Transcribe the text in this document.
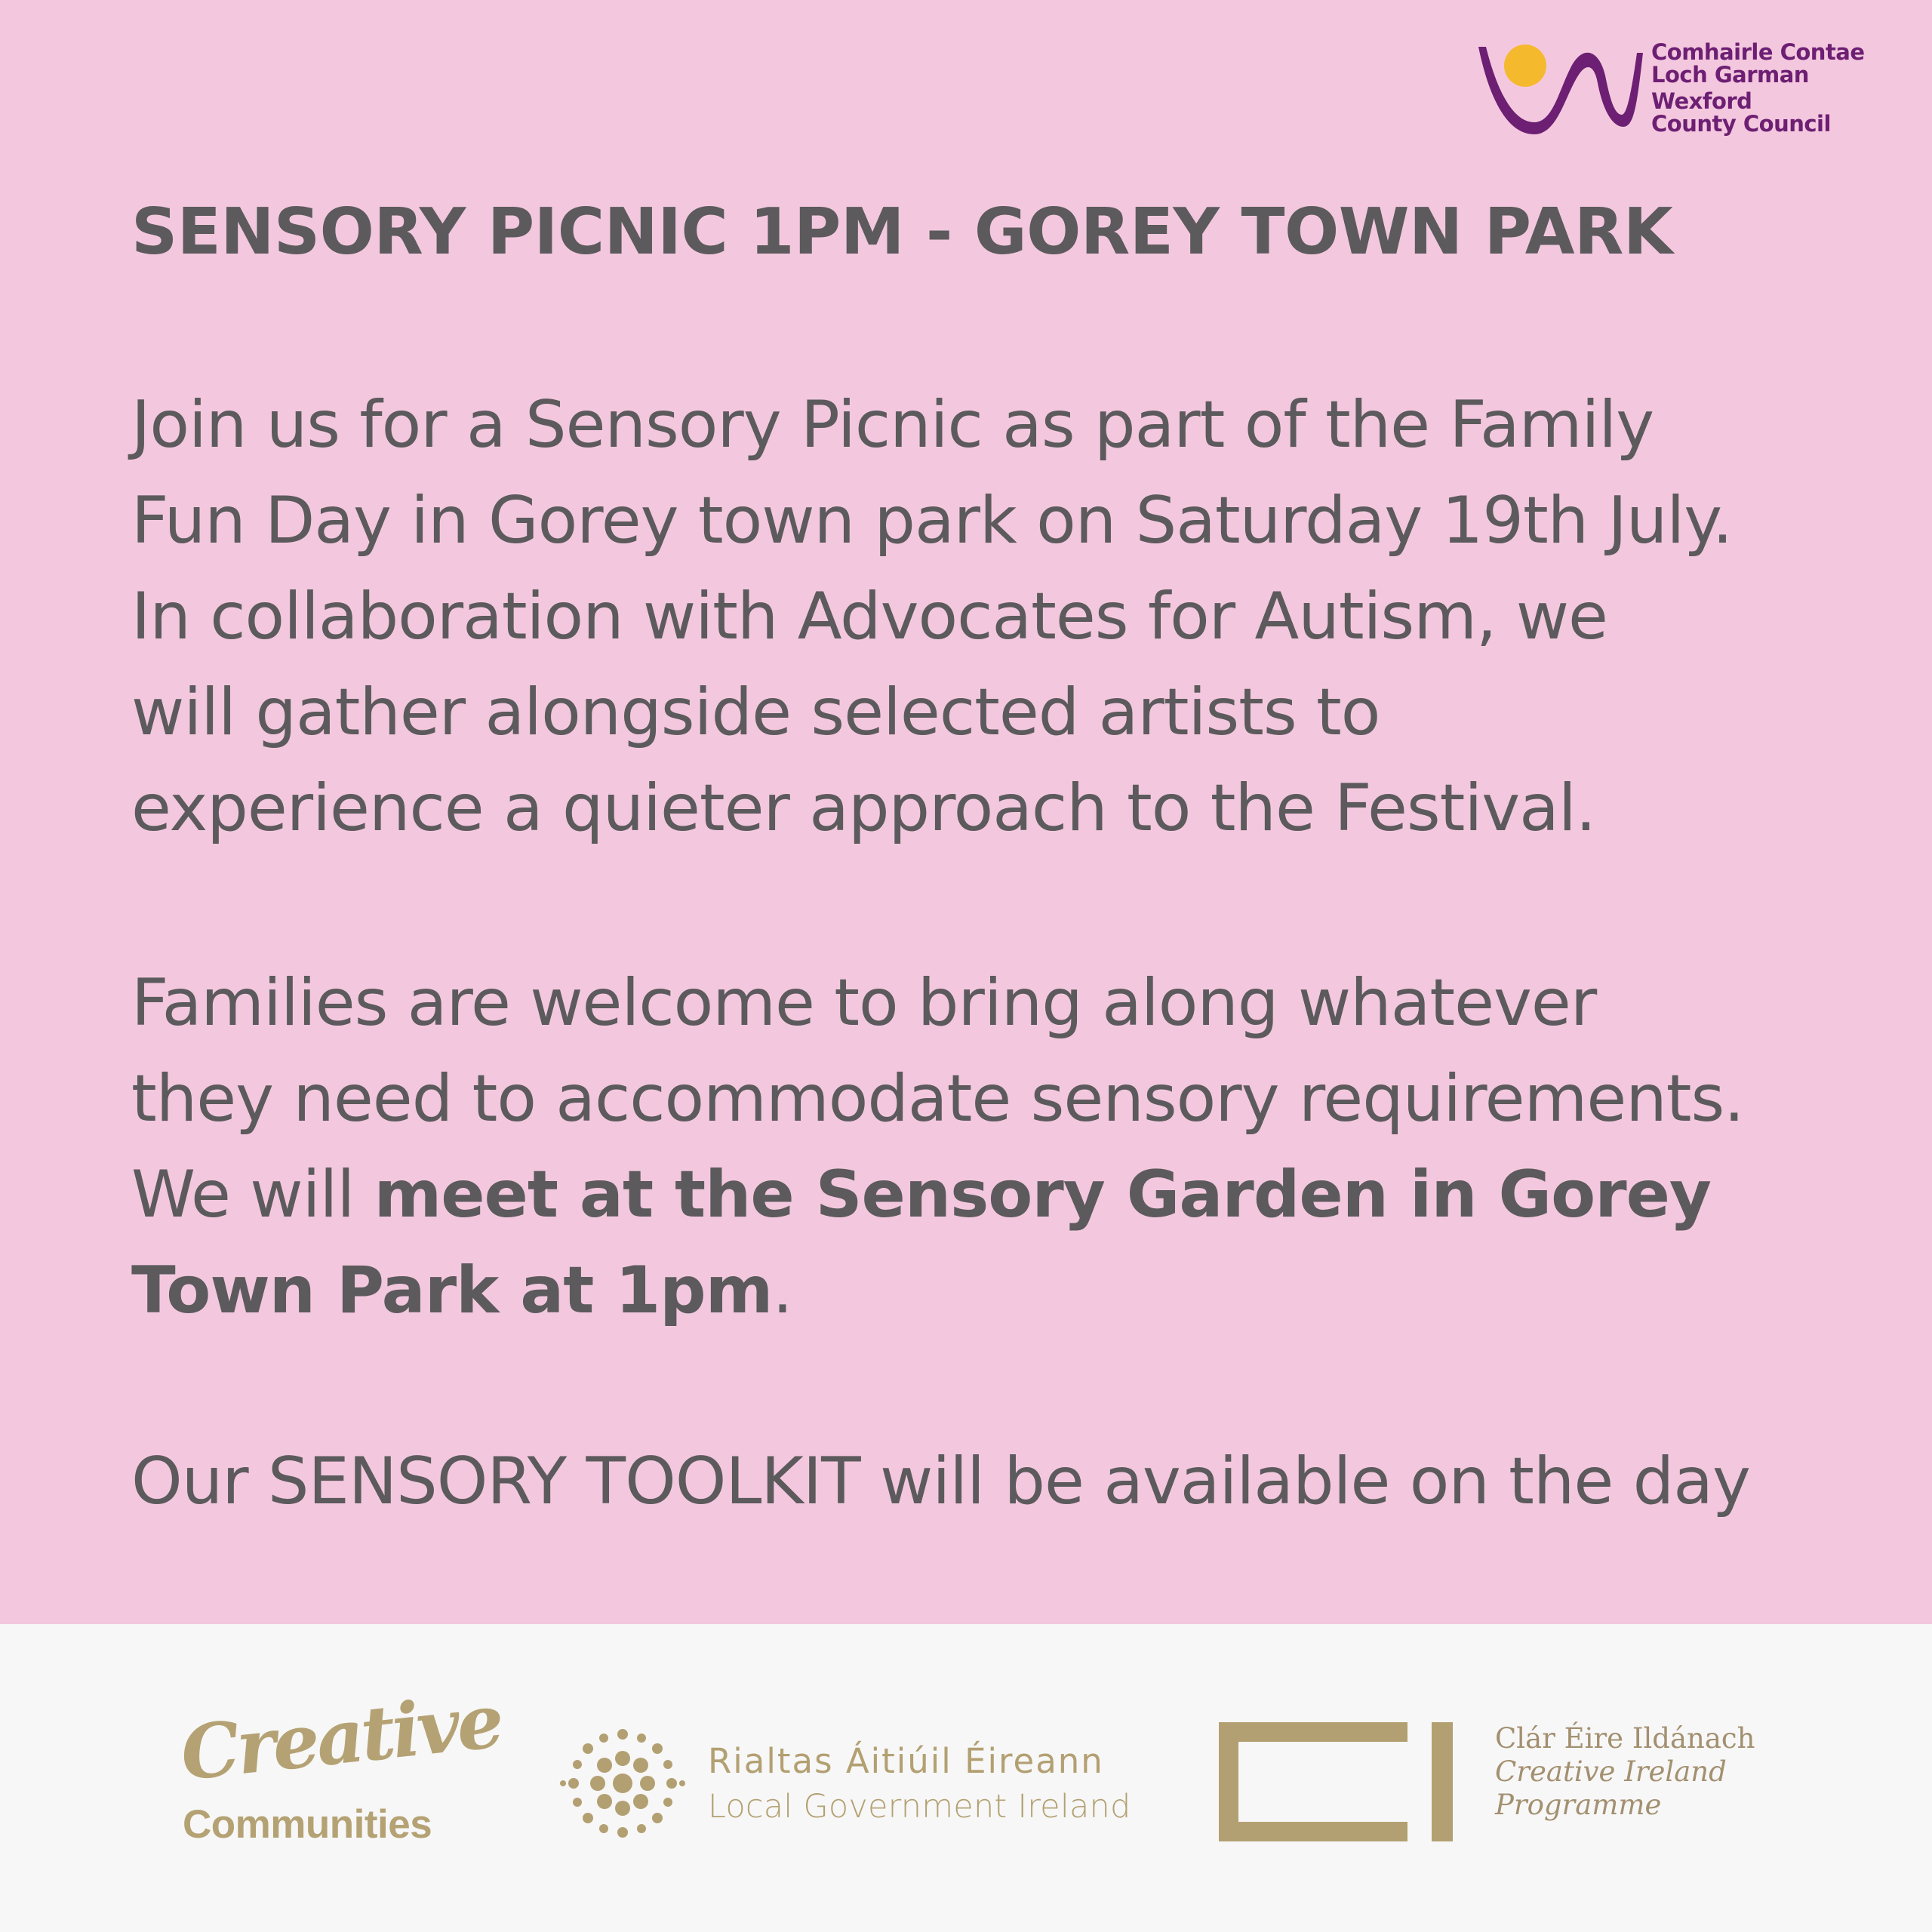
Comhairle Contae
Loch Garman
Wexford
County Council
SENSORY PICNIC 1PM - GOREY TOWN PARK

Join us for a Sensory Picnic as part of the Family
Fun Day in Gorey town park on Saturday 19th July.
In collaboration with Advocates for Autism, we
will gather alongside selected artists to
experience a quieter approach to the Festival.

Families are welcome to bring along whatever
they need to accommodate sensory requirements.
We will meet at the Sensory Garden in Gorey
Town Park at 1pm.

Our SENSORY TOOLKIT will be available on the day

Creative
Communities
Rialtas Áitiúil Éireann
Local Government Ireland
Clár Éire Ildánach
Creative Ireland
Programme
